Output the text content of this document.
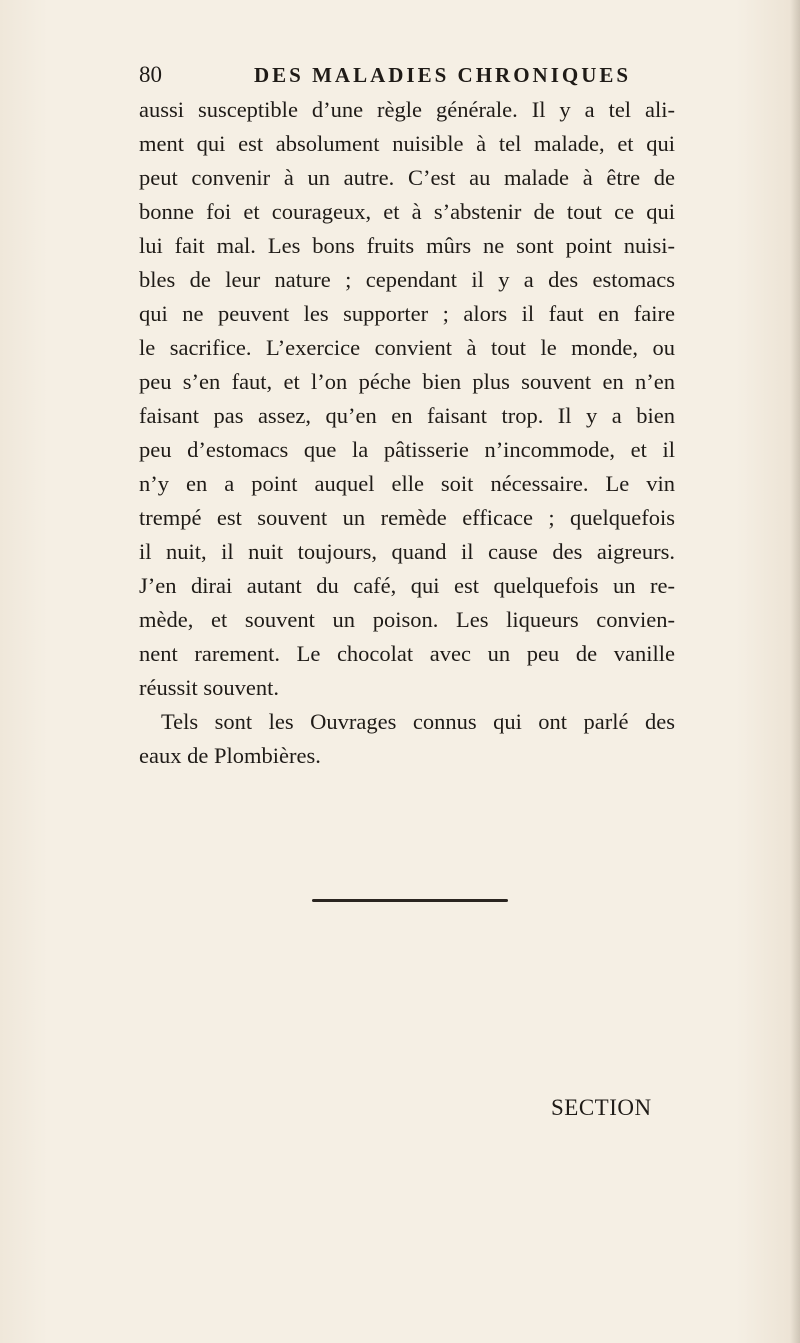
80	DES MALADIES CHRONIQUES
aussi susceptible d’une règle générale. Il y a tel ali-
ment qui est absolument nuisible à tel malade, et qui
peut convenir à un autre. C’est au malade à être de
bonne foi et courageux, et à s’abstenir de tout ce qui
lui fait mal. Les bons fruits mûrs ne sont point nuisi-
bles de leur nature ; cependant il y a des estomacs
qui ne peuvent les supporter ; alors il faut en faire
le sacrifice. L’exercice convient à tout le monde, ou
peu s’en faut, et l’on péche bien plus souvent en n’en
faisant pas assez, qu’en en faisant trop. Il y a bien
peu d’estomacs que la pâtisserie n’incommode, et il
n’y en a point auquel elle soit nécessaire. Le vin
trempé est souvent un remède efficace ; quelquefois
il nuit, il nuit toujours, quand il cause des aigreurs.
J’en dirai autant du café, qui est quelquefois un re-
mède, et souvent un poison. Les liqueurs convien-
nent rarement. Le chocolat avec un peu de vanille
réussit souvent.
Tels sont les Ouvrages connus qui ont parlé des
eaux de Plombières.
SECTION
